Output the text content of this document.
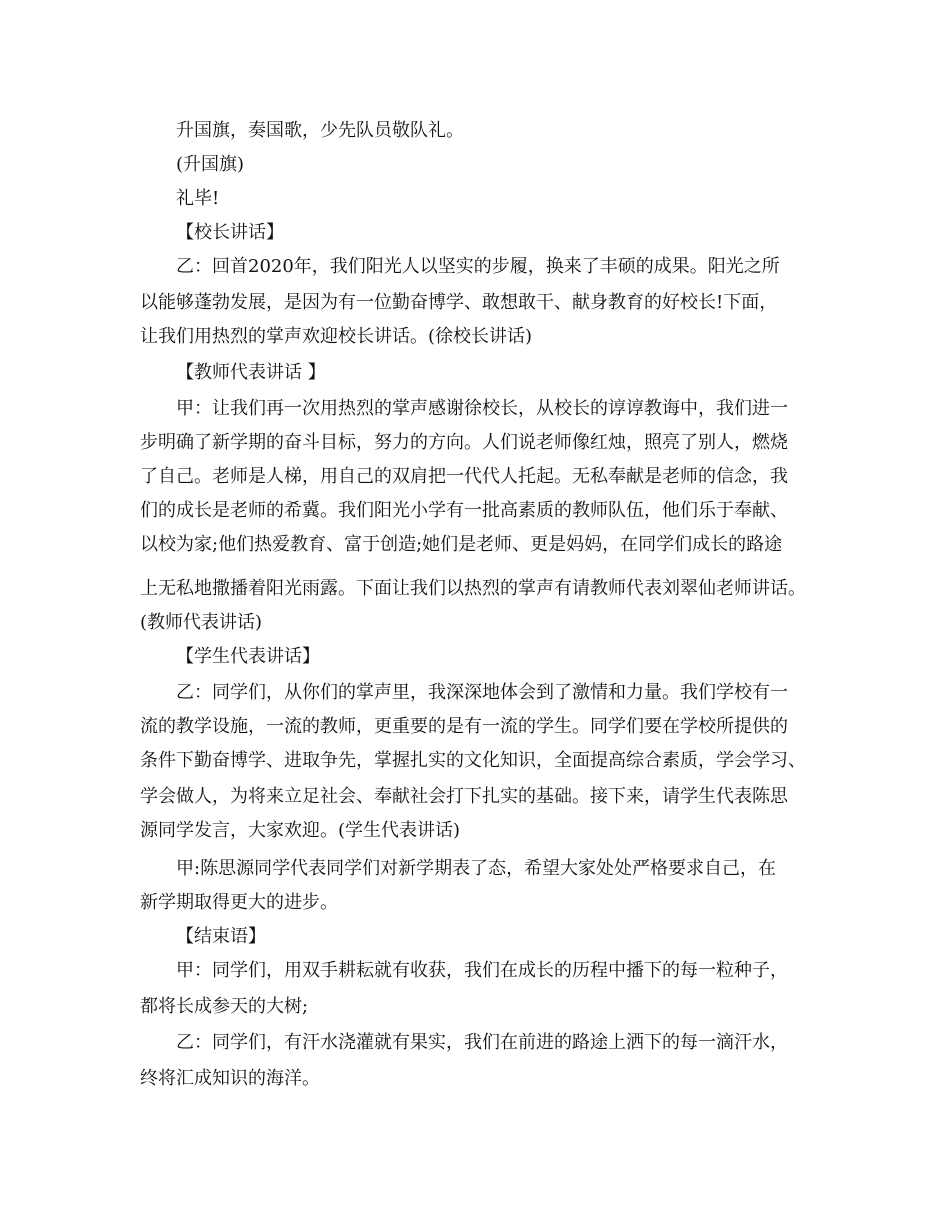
升国旗，奏国歌，少先队员敬队礼。
(升国旗)
礼毕!
【校长讲话】
乙：回首2020年，我们阳光人以坚实的步履，换来了丰硕的成果。阳光之所
以能够蓬勃发展，是因为有一位勤奋博学、敢想敢干、献身教育的好校长!下面，
让我们用热烈的掌声欢迎校长讲话。(徐校长讲话)
【教师代表讲话 】
甲：让我们再一次用热烈的掌声感谢徐校长，从校长的谆谆教诲中，我们进一
步明确了新学期的奋斗目标，努力的方向。人们说老师像红烛，照亮了别人，燃烧
了自己。老师是人梯，用自己的双肩把一代代人托起。无私奉献是老师的信念，我
们的成长是老师的希冀。我们阳光小学有一批高素质的教师队伍，他们乐于奉献、
以校为家;他们热爱教育、富于创造;她们是老师、更是妈妈，在同学们成长的路途
上无私地撒播着阳光雨露。下面让我们以热烈的掌声有请教师代表刘翠仙老师讲话。
(教师代表讲话)
【学生代表讲话】
乙：同学们，从你们的掌声里，我深深地体会到了激情和力量。我们学校有一
流的教学设施，一流的教师，更重要的是有一流的学生。同学们要在学校所提供的
条件下勤奋博学、进取争先，掌握扎实的文化知识，全面提高综合素质，学会学习、
学会做人，为将来立足社会、奉献社会打下扎实的基础。接下来，请学生代表陈思
源同学发言，大家欢迎。(学生代表讲话)
甲:陈思源同学代表同学们对新学期表了态，希望大家处处严格要求自己，在
新学期取得更大的进步。
【结束语】
甲：同学们，用双手耕耘就有收获，我们在成长的历程中播下的每一粒种子，
都将长成参天的大树;
乙：同学们，有汗水浇灌就有果实，我们在前进的路途上洒下的每一滴汗水，
终将汇成知识的海洋。
